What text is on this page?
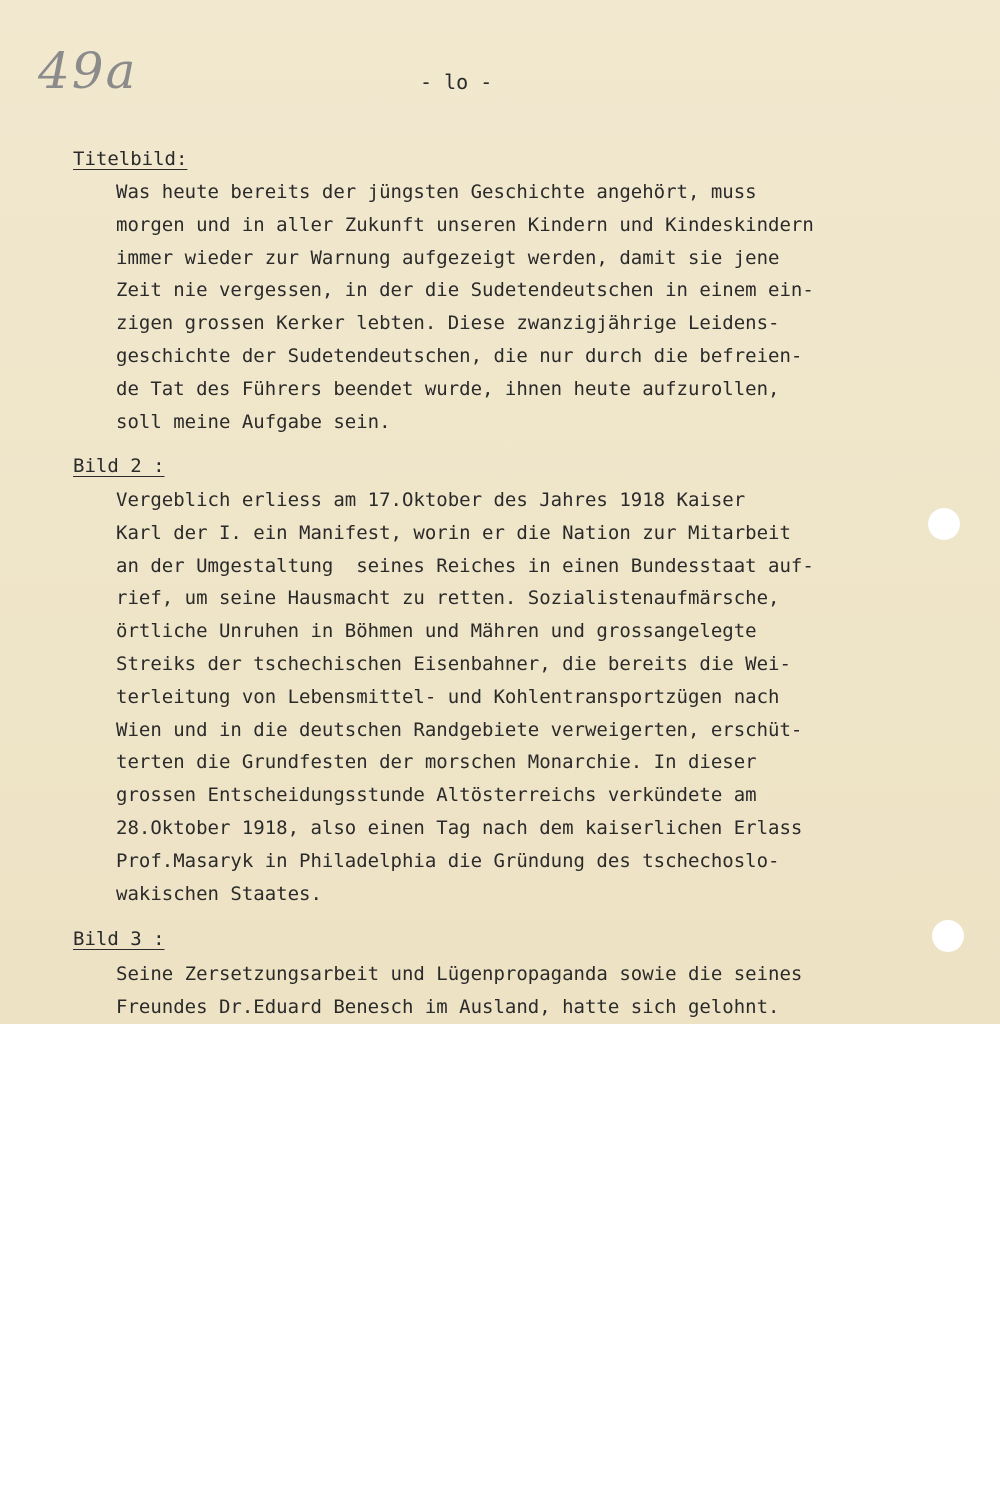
49a	- lo -
Titelbild:
Was heute bereits der jüngsten Geschichte angehört, muss
morgen und in aller Zukunft unseren Kindern und Kindeskindern
immer wieder zur Warnung aufgezeigt werden, damit sie jene
Zeit nie vergessen, in der die Sudetendeutschen in einem ein-
zigen grossen Kerker lebten. Diese zwanzigjährige Leidens-
geschichte der Sudetendeutschen, die nur durch die befreien-
de Tat des Führers beendet wurde, ihnen heute aufzurollen,
soll meine Aufgabe sein.
Bild 2 :
Vergeblich erliess am 17.Oktober des Jahres 1918 Kaiser
Karl der I. ein Manifest, worin er die Nation zur Mitarbeit
an der Umgestaltung  seines Reiches in einen Bundesstaat auf-
rief, um seine Hausmacht zu retten. Sozialistenaufmärsche,
örtliche Unruhen in Böhmen und Mähren und grossangelegte
Streiks der tschechischen Eisenbahner, die bereits die Wei-
terleitung von Lebensmittel- und Kohlentransportzügen nach
Wien und in die deutschen Randgebiete verweigerten, erschüt-
terten die Grundfesten der morschen Monarchie. In dieser
grossen Entscheidungsstunde Altösterreichs verkündete am
28.Oktober 1918, also einen Tag nach dem kaiserlichen Erlass
Prof.Masaryk in Philadelphia die Gründung des tschechoslo-
wakischen Staates.
Bild 3 :
Seine Zersetzungsarbeit und Lügenpropaganda sowie die seines
Freundes Dr.Eduard Benesch im Ausland, hatte sich gelohnt.
